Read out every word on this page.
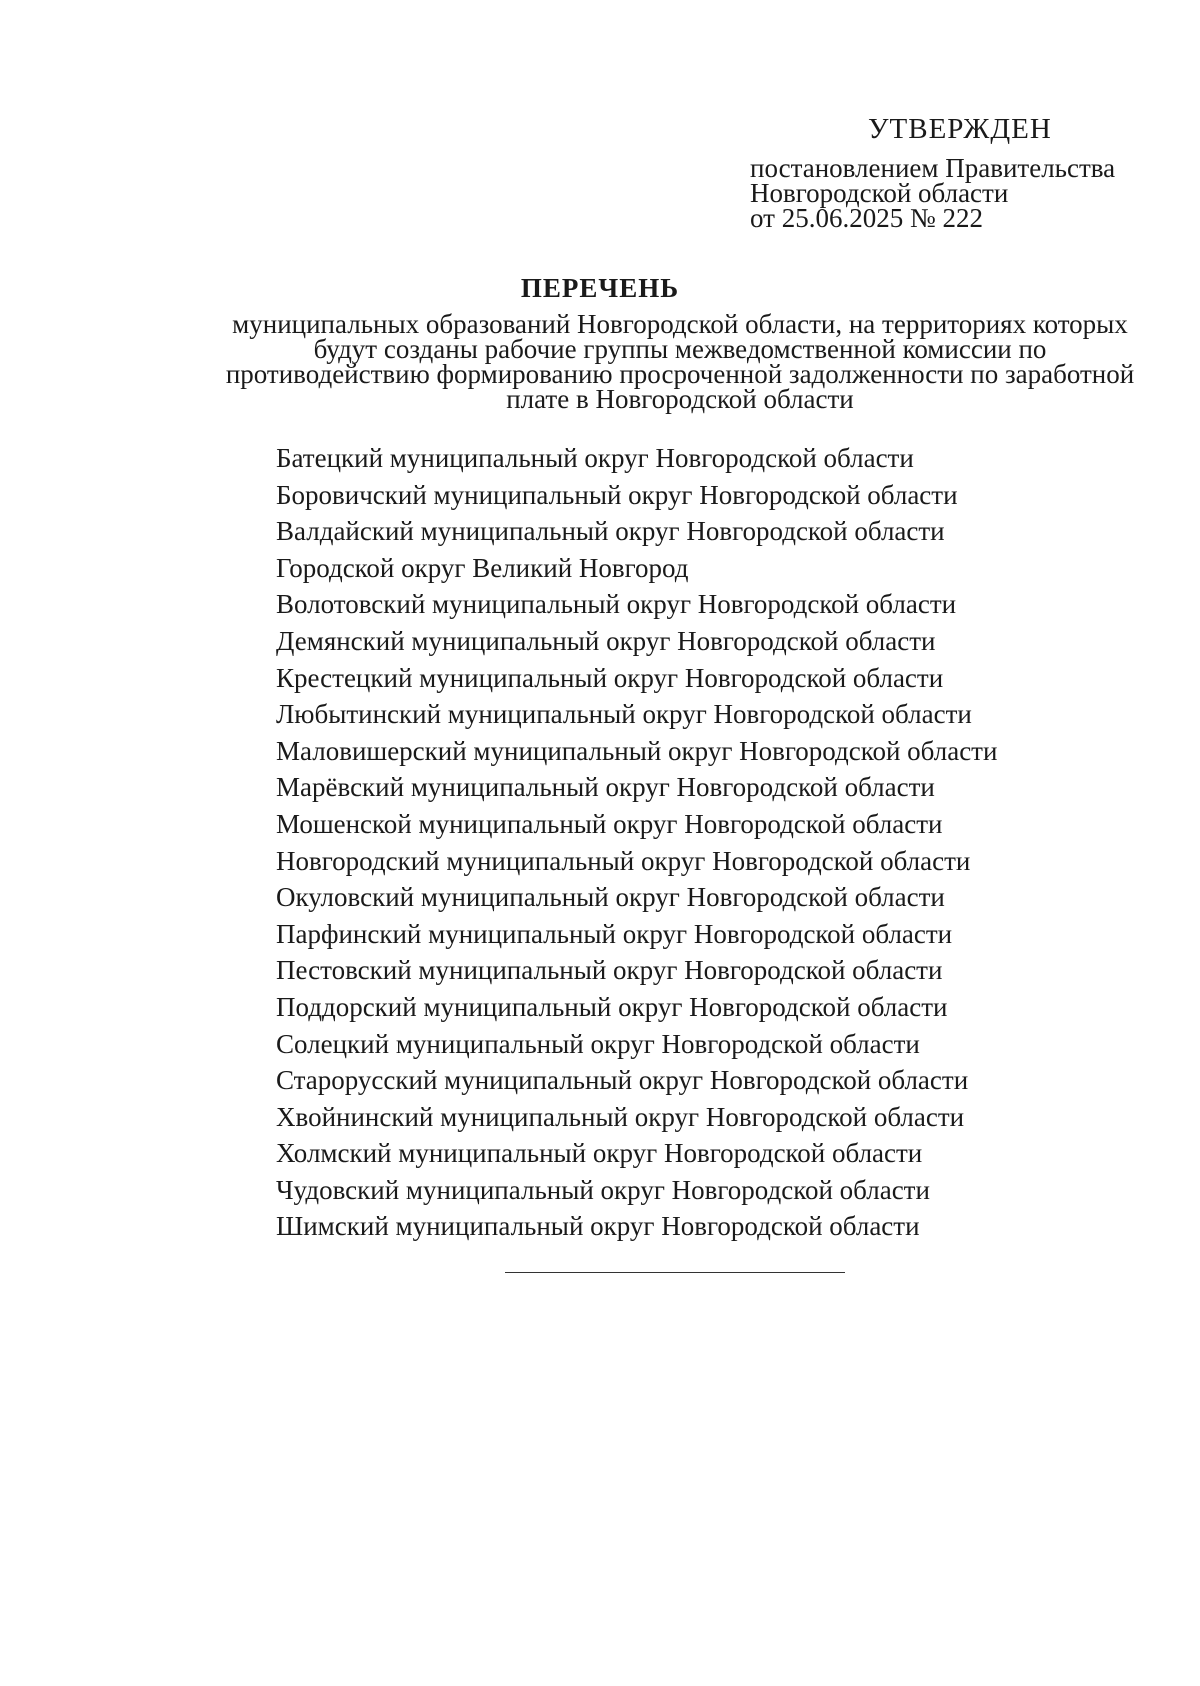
УТВЕРЖДЕН
постановлением Правительства
Новгородской области
от 25.06.2025 № 222
ПЕРЕЧЕНЬ
муниципальных образований Новгородской области, на территориях которых
будут созданы рабочие группы межведомственной комиссии по
противодействию формированию просроченной задолженности по заработной
плате в Новгородской области
Батецкий муниципальный округ Новгородской области
Боровичский муниципальный округ Новгородской области
Валдайский муниципальный округ Новгородской области
Городской округ Великий Новгород
Волотовский муниципальный округ Новгородской области
Демянский муниципальный округ Новгородской области
Крестецкий муниципальный округ Новгородской области
Любытинский муниципальный округ Новгородской области
Маловишерский муниципальный округ Новгородской области
Марёвский муниципальный округ Новгородской области
Мошенской муниципальный округ Новгородской области
Новгородский муниципальный округ Новгородской области
Окуловский муниципальный округ Новгородской области
Парфинский муниципальный округ Новгородской области
Пестовский муниципальный округ Новгородской области
Поддорский муниципальный округ Новгородской области
Солецкий муниципальный округ Новгородской области
Старорусский муниципальный округ Новгородской области
Хвойнинский муниципальный округ Новгородской области
Холмский муниципальный округ Новгородской области
Чудовский муниципальный округ Новгородской области
Шимский муниципальный округ Новгородской области
